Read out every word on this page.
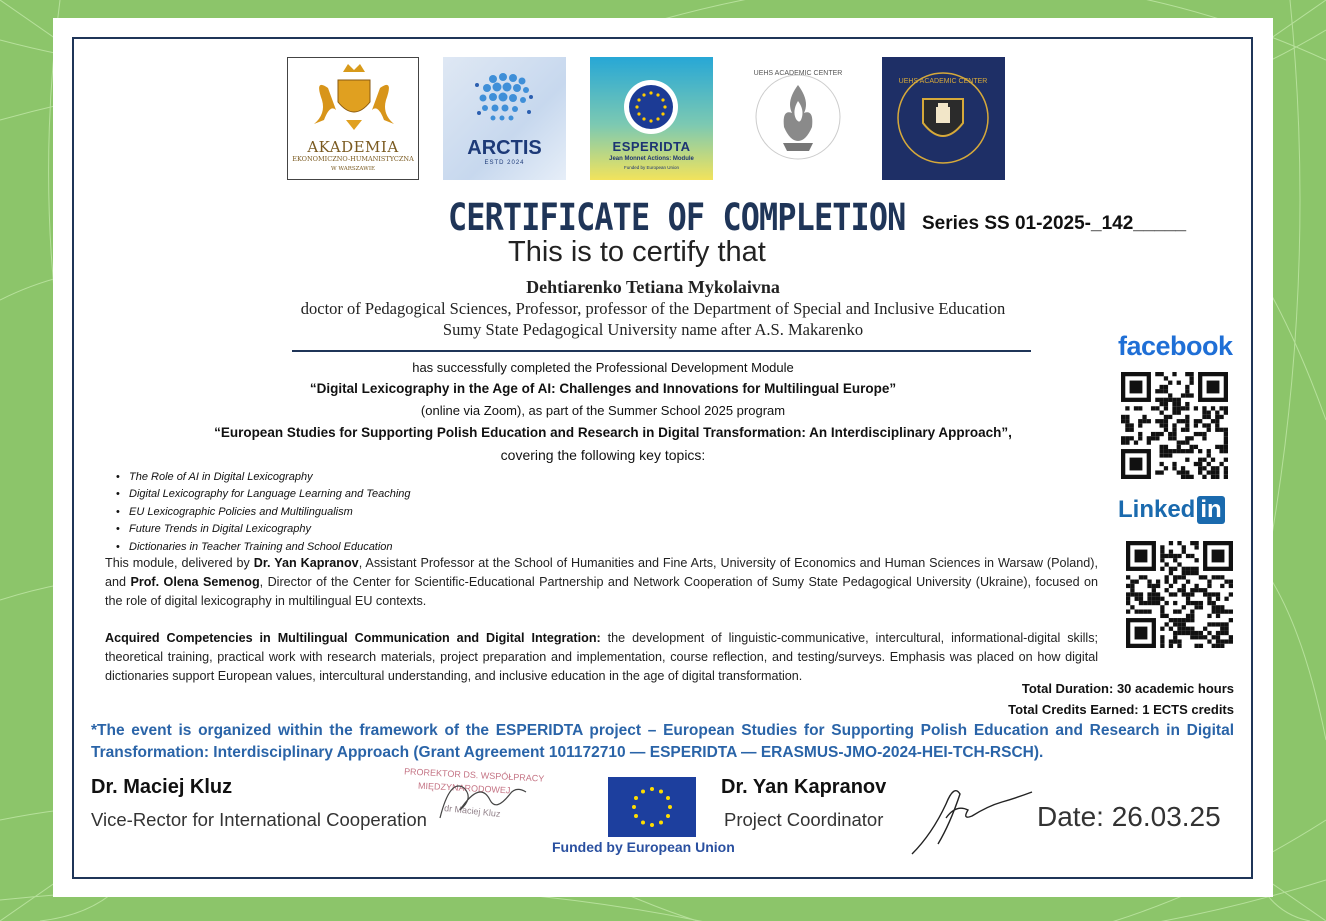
AKADEMIA
EKONOMICZNO-HUMANISTYCZNA
W WARSZAWIE
ARCTIS
ESTD 2024
ESPERIDTA
Jean Monnet Actions: Module
Funded by European Union
UEHS ACADEMIC CENTER
UEHS ACADEMIC CENTER
CERTIFICATE OF COMPLETION Series SS 01-2025-_142_____
This is to certify that
Dehtiarenko Tetiana Mykolaivna
doctor of Pedagogical Sciences, Professor, professor of the Department of Special and Inclusive Education
Sumy State Pedagogical University name after A.S. Makarenko
has successfully completed the Professional Development Module
“Digital Lexicography in the Age of AI: Challenges and Innovations for Multilingual Europe”
(online via Zoom), as part of the Summer School 2025 program
“European Studies for Supporting Polish Education and Research in Digital Transformation: An Interdisciplinary Approach”,
covering the following key topics:
• The Role of AI in Digital Lexicography
• Digital Lexicography for Language Learning and Teaching
• EU Lexicographic Policies and Multilingualism
• Future Trends in Digital Lexicography
• Dictionaries in Teacher Training and School Education
This module, delivered by Dr. Yan Kapranov, Assistant Professor at the School of Humanities and Fine Arts, University of Economics and Human Sciences in Warsaw (Poland), and Prof. Olena Semenog, Director of the Center for Scientific-Educational Partnership and Network Cooperation of Sumy State Pedagogical University (Ukraine), focused on the role of digital lexicography in multilingual EU contexts.
Acquired Competencies in Multilingual Communication and Digital Integration: the development of linguistic-communicative, intercultural, informational-digital skills; theoretical training, practical work with research materials, project preparation and implementation, course reflection, and testing/surveys. Emphasis was placed on how digital dictionaries support European values, intercultural understanding, and inclusive education in the age of digital transformation.
Total Duration: 30 academic hours
Total Credits Earned: 1 ECTS credits
*The event is organized within the framework of the ESPERIDTA project – European Studies for Supporting Polish Education and Research in Digital Transformation: Interdisciplinary Approach (Grant Agreement 101172710 — ESPERIDTA — ERASMUS-JMO-2024-HEI-TCH-RSCH).
Dr. Maciej Kluz
Vice-Rector for International Cooperation
PROREKTOR DS. WSPÓŁPRACY
MIĘDZYNARODOWEJ
dr Maciej Kluz
Funded by European Union
Dr. Yan Kapranov
Project Coordinator	Date: 26.03.25
facebook
Linked in
